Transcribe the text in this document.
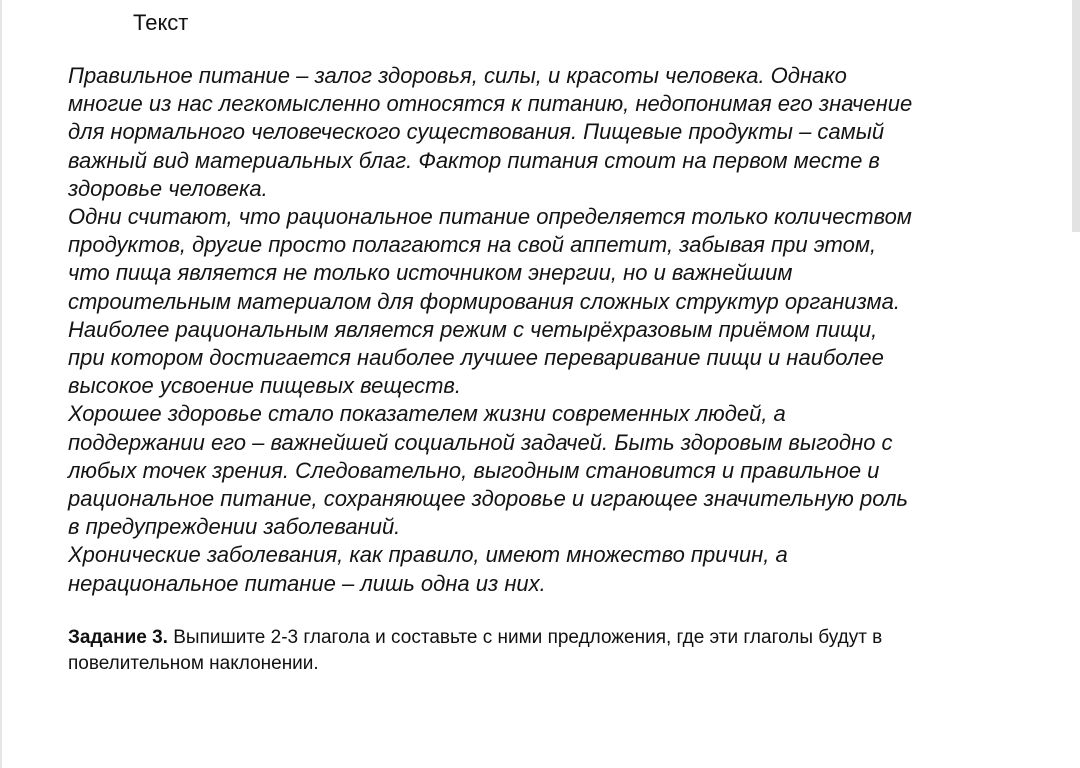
Текст
Правильное питание – залог здоровья, силы, и красоты человека. Однако
многие из нас легкомысленно относятся к питанию, недопонимая его значение
для нормального человеческого существования. Пищевые продукты – самый
важный вид материальных благ. Фактор питания стоит на первом месте в
здоровье человека.
Одни считают, что рациональное питание определяется только количеством
продуктов, другие просто полагаются на свой аппетит, забывая при этом,
что пища является не только источником энергии, но и важнейшим
строительным материалом для формирования сложных структур организма.
Наиболее рациональным является режим с четырёхразовым приёмом пищи,
при котором достигается наиболее лучшее переваривание пищи и наиболее
высокое усвоение пищевых веществ.
Хорошее здоровье стало показателем жизни современных людей, а
поддержании его – важнейшей социальной задачей. Быть здоровым выгодно с
любых точек зрения. Следовательно, выгодным становится и правильное и
рациональное питание, сохраняющее здоровье и играющее значительную роль
в предупреждении заболеваний.
Хронические заболевания, как правило, имеют множество причин, а
нерациональное питание – лишь одна из них.
Задание 3. Выпишите 2-3 глагола и составьте с ними предложения, где эти глаголы будут в
повелительном наклонении.
